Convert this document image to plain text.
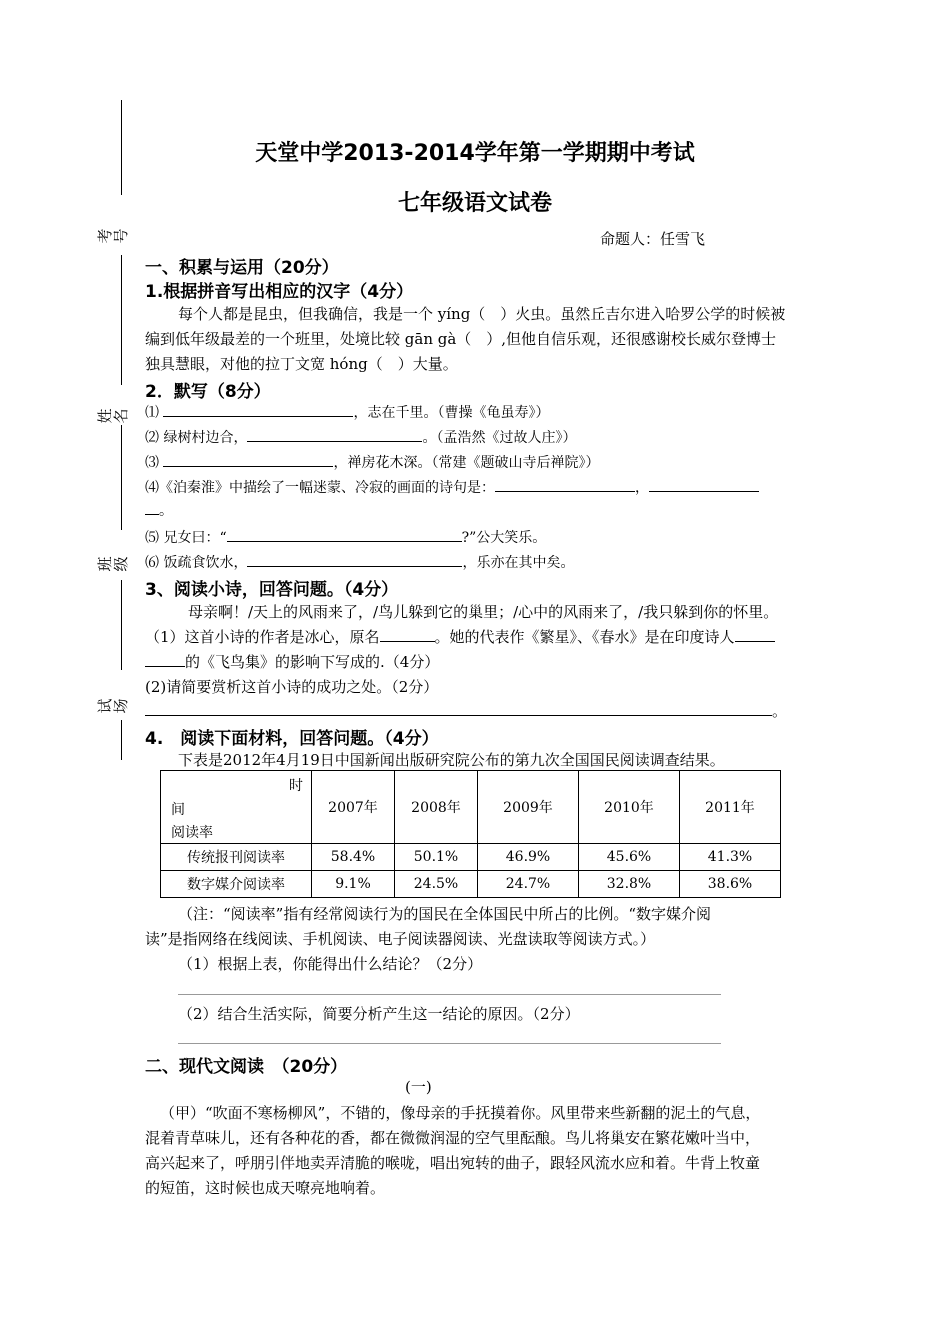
考号
姓名
班级
试场
天堂中学2013-2014学年第一学期期中考试
七年级语文试卷
命题人：任雪飞
一、积累与运用（20分）
1.根据拼音写出相应的汉字（4分）
每个人都是昆虫，但我确信，我是一个 yíng（　）火虫。虽然丘吉尔进入哈罗公学的时候被
编到低年级最差的一个班里，处境比较 gān gà（　）,但他自信乐观，还很感谢校长威尔登博士
独具慧眼，对他的拉丁文宽 hóng（　）大量。
2．默写（8分）
⑴	，志在千里。（曹操《龟虽寿》）
⑵ 绿树村边合，	。（孟浩然《过故人庄》）
⑶	，禅房花木深。（常建《题破山寺后禅院》）
⑷《泊秦淮》中描绘了一幅迷蒙、冷寂的画面的诗句是：	，
。
⑸ 兄女曰：“	?”公大笑乐。
⑹ 饭疏食饮水，	，乐亦在其中矣。
3、阅读小诗，回答问题。（4分）
母亲啊！/天上的风雨来了，/鸟儿躲到它的巢里；/心中的风雨来了，/我只躲到你的怀里。
（1）这首小诗的作者是冰心，原名	。她的代表作《繁星》、《春水》是在印度诗人
的《飞鸟集》的影响下写成的.（4分）
(2)请简要赏析这首小诗的成功之处。（2分）
。
4.　阅读下面材料，回答问题。（4分）
下表是2012年4月19日中国新闻出版研究院公布的第九次全国国民阅读调查结果。
时
间
阅读率	2007年	2008年	2009年	2010年	2011年
传统报刊阅读率	58.4%	50.1%	46.9%	45.6%	41.3%
数字媒介阅读率	9.1%	24.5%	24.7%	32.8%	38.6%
（注：“阅读率”指有经常阅读行为的国民在全体国民中所占的比例。“数字媒介阅
读”是指网络在线阅读、手机阅读、电子阅读器阅读、光盘读取等阅读方式。）
（1）根据上表，你能得出什么结论？（2分）
（2）结合生活实际，简要分析产生这一结论的原因。（2分）
二、现代文阅读　（20分）
(一)
（甲）“吹面不寒杨柳风”，不错的，像母亲的手抚摸着你。风里带来些新翻的泥土的气息，
混着青草味儿，还有各种花的香，都在微微润湿的空气里酝酿。鸟儿将巢安在繁花嫩叶当中，
高兴起来了，呼朋引伴地卖弄清脆的喉咙，唱出宛转的曲子，跟轻风流水应和着。牛背上牧童
的短笛，这时候也成天嘹亮地响着。
